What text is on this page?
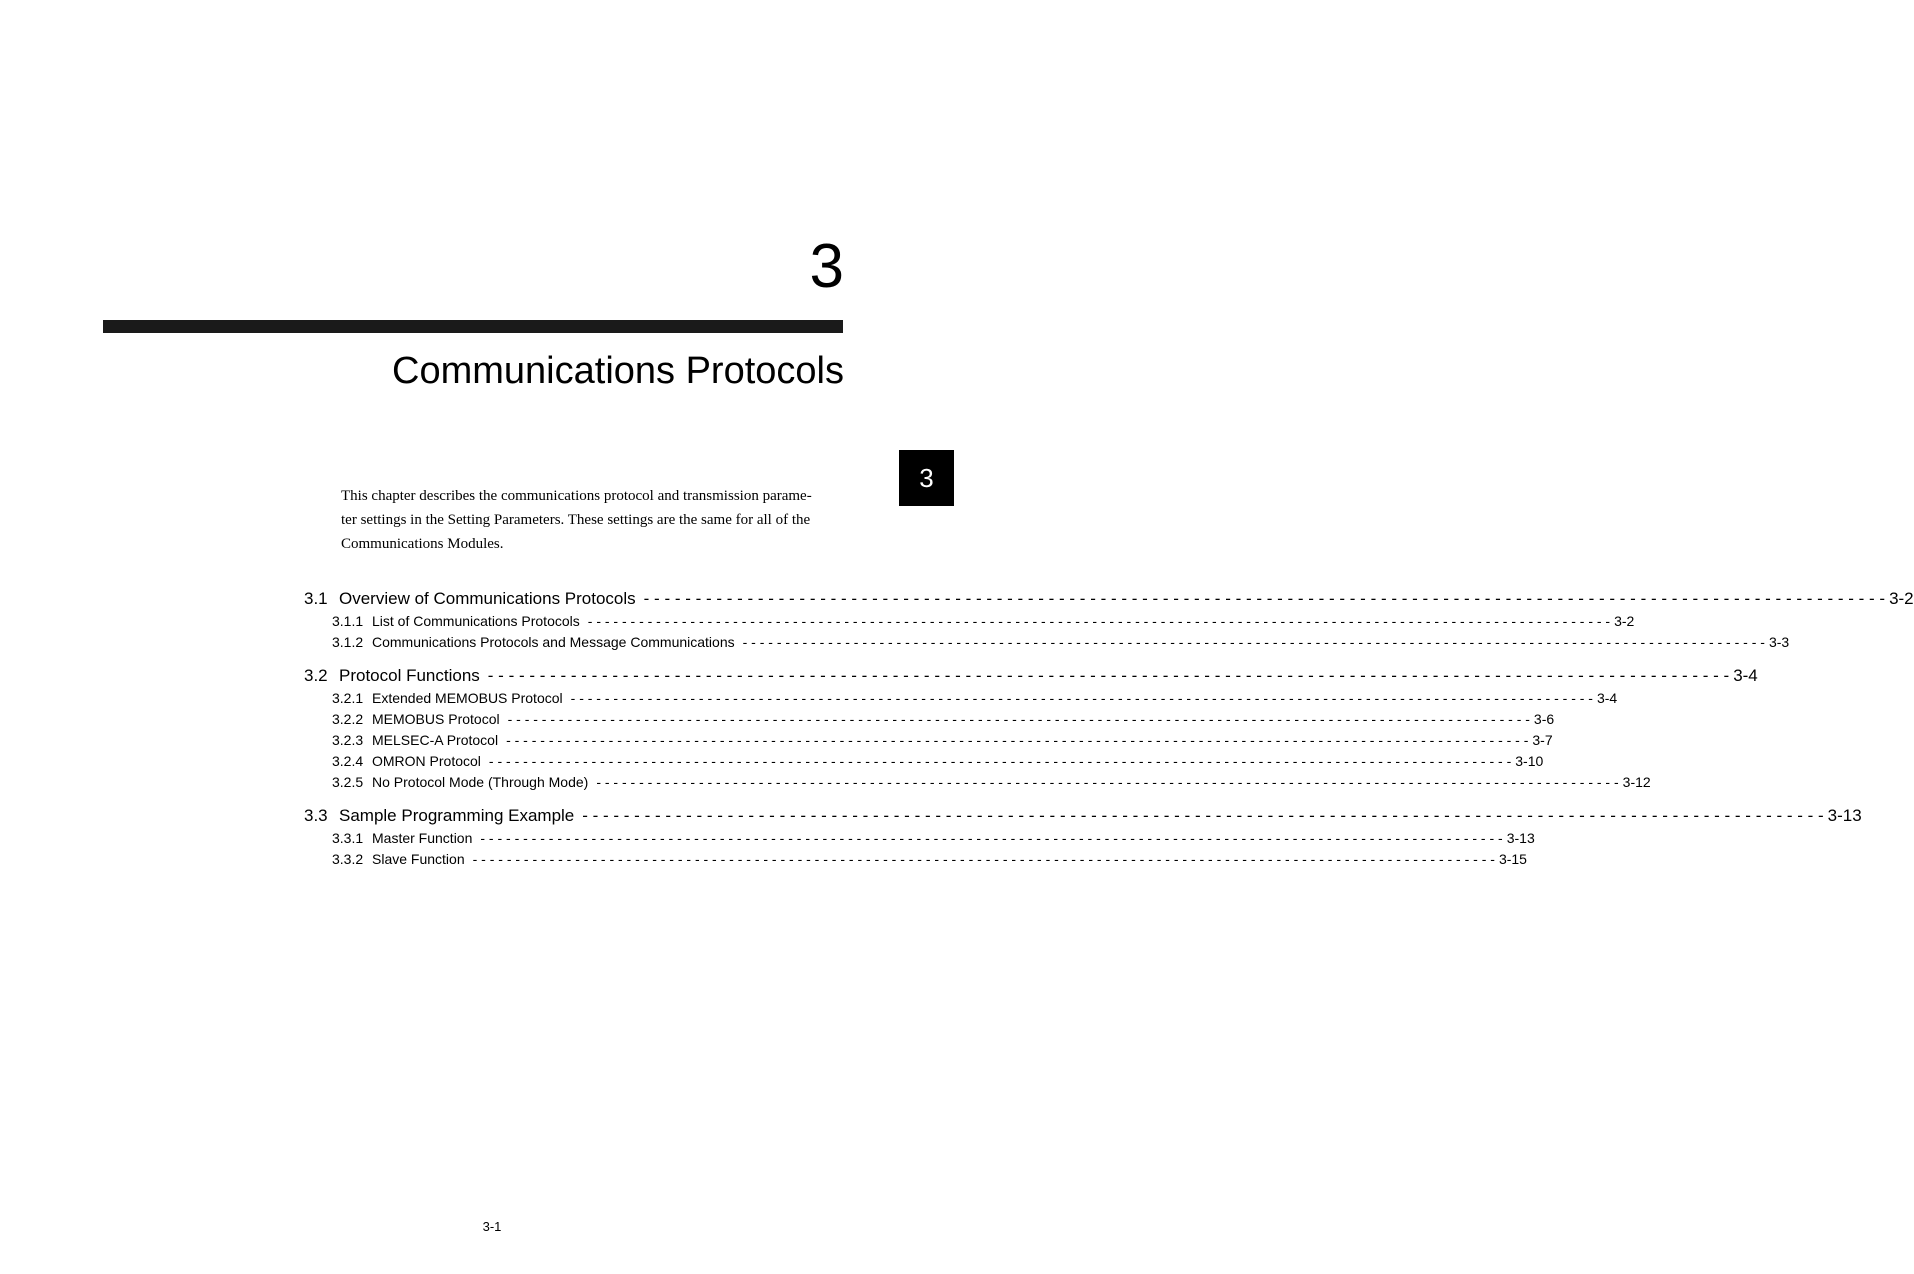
3
Communications Protocols
3
This chapter describes the communications protocol and transmission parame-
ter settings in the Setting Parameters. These settings are the same for all of the
Communications Modules.
3.1 Overview of Communications Protocols - - - - - - - - - - - - - - - - - - - - - - - - - - - - - - - - - - - - - - - - - - - - - - - - - - - - - - - - - - - - - - - - - - - - - - - - - - - - - - - - - - - - - - - - - - - - - - - - - - - - - - - - - - - - - - - - - - - - - - - - 3-2
3.1.1 List of Communications Protocols - - - - - - - - - - - - - - - - - - - - - - - - - - - - - - - - - - - - - - - - - - - - - - - - - - - - - - - - - - - - - - - - - - - - - - - - - - - - - - - - - - - - - - - - - - - - - - - - - - - - - - - - - - - - - - - - - - - - - - - - 3-2
3.1.2 Communications Protocols and Message Communications - - - - - - - - - - - - - - - - - - - - - - - - - - - - - - - - - - - - - - - - - - - - - - - - - - - - - - - - - - - - - - - - - - - - - - - - - - - - - - - - - - - - - - - - - - - - - - - - - - - - - - - - - - - - - - - - - - - - - - - - 3-3
3.2 Protocol Functions - - - - - - - - - - - - - - - - - - - - - - - - - - - - - - - - - - - - - - - - - - - - - - - - - - - - - - - - - - - - - - - - - - - - - - - - - - - - - - - - - - - - - - - - - - - - - - - - - - - - - - - - - - - - - - - - - - - - - - - - 3-4
3.2.1 Extended MEMOBUS Protocol - - - - - - - - - - - - - - - - - - - - - - - - - - - - - - - - - - - - - - - - - - - - - - - - - - - - - - - - - - - - - - - - - - - - - - - - - - - - - - - - - - - - - - - - - - - - - - - - - - - - - - - - - - - - - - - - - - - - - - - - 3-4
3.2.2 MEMOBUS Protocol - - - - - - - - - - - - - - - - - - - - - - - - - - - - - - - - - - - - - - - - - - - - - - - - - - - - - - - - - - - - - - - - - - - - - - - - - - - - - - - - - - - - - - - - - - - - - - - - - - - - - - - - - - - - - - - - - - - - - - - - 3-6
3.2.3 MELSEC-A Protocol - - - - - - - - - - - - - - - - - - - - - - - - - - - - - - - - - - - - - - - - - - - - - - - - - - - - - - - - - - - - - - - - - - - - - - - - - - - - - - - - - - - - - - - - - - - - - - - - - - - - - - - - - - - - - - - - - - - - - - - - 3-7
3.2.4 OMRON Protocol - - - - - - - - - - - - - - - - - - - - - - - - - - - - - - - - - - - - - - - - - - - - - - - - - - - - - - - - - - - - - - - - - - - - - - - - - - - - - - - - - - - - - - - - - - - - - - - - - - - - - - - - - - - - - - - - - - - - - - - - 3-10
3.2.5 No Protocol Mode (Through Mode) - - - - - - - - - - - - - - - - - - - - - - - - - - - - - - - - - - - - - - - - - - - - - - - - - - - - - - - - - - - - - - - - - - - - - - - - - - - - - - - - - - - - - - - - - - - - - - - - - - - - - - - - - - - - - - - - - - - - - - - - 3-12
3.3 Sample Programming Example - - - - - - - - - - - - - - - - - - - - - - - - - - - - - - - - - - - - - - - - - - - - - - - - - - - - - - - - - - - - - - - - - - - - - - - - - - - - - - - - - - - - - - - - - - - - - - - - - - - - - - - - - - - - - - - - - - - - - - - - 3-13
3.3.1 Master Function - - - - - - - - - - - - - - - - - - - - - - - - - - - - - - - - - - - - - - - - - - - - - - - - - - - - - - - - - - - - - - - - - - - - - - - - - - - - - - - - - - - - - - - - - - - - - - - - - - - - - - - - - - - - - - - - - - - - - - - - 3-13
3.3.2 Slave Function - - - - - - - - - - - - - - - - - - - - - - - - - - - - - - - - - - - - - - - - - - - - - - - - - - - - - - - - - - - - - - - - - - - - - - - - - - - - - - - - - - - - - - - - - - - - - - - - - - - - - - - - - - - - - - - - - - - - - - - - 3-15
3-1
